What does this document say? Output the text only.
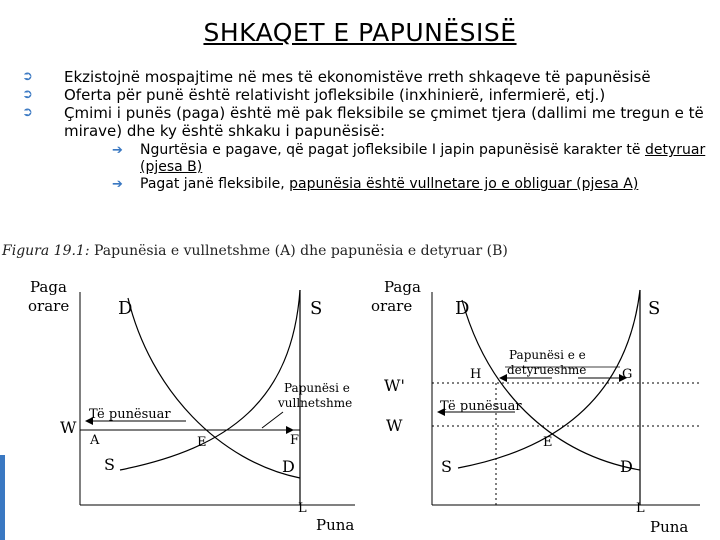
SHKAQET E PAPUNËSISË
➲ Ekzistojnë mospajtime në mes të ekonomistëve rreth shkaqeve të papunësisë
➲ Oferta për punë është relativisht jofleksibile (inxhinierë, infermierë, etj.)
➲ Çmimi i punës (paga) është më pak fleksibile se çmimet tjera (dallimi me tregun e të mirave) dhe ky është shkaku i papunësisë:
➔ Ngurtësia e pagave, që pagat jofleksibile I japin papunësisë karakter të detyruar (pjesa B)
➔ Pagat janë fleksibile, papunësia është vullnetare jo e obliguar (pjesa A)
Figura 19.1: Papunësia e vullnetshme (A) dhe papunësia e detyruar (B)
Paga
orare
Puna
D	S
S	D
W
A	E	F
L
Të punësuar
Papunësi e
vullnetshme
Paga
orare
Puna
D	S
S	D
W'
W
H	G
E
L
Të punësuar
Papunësi e e
detyrueshme
